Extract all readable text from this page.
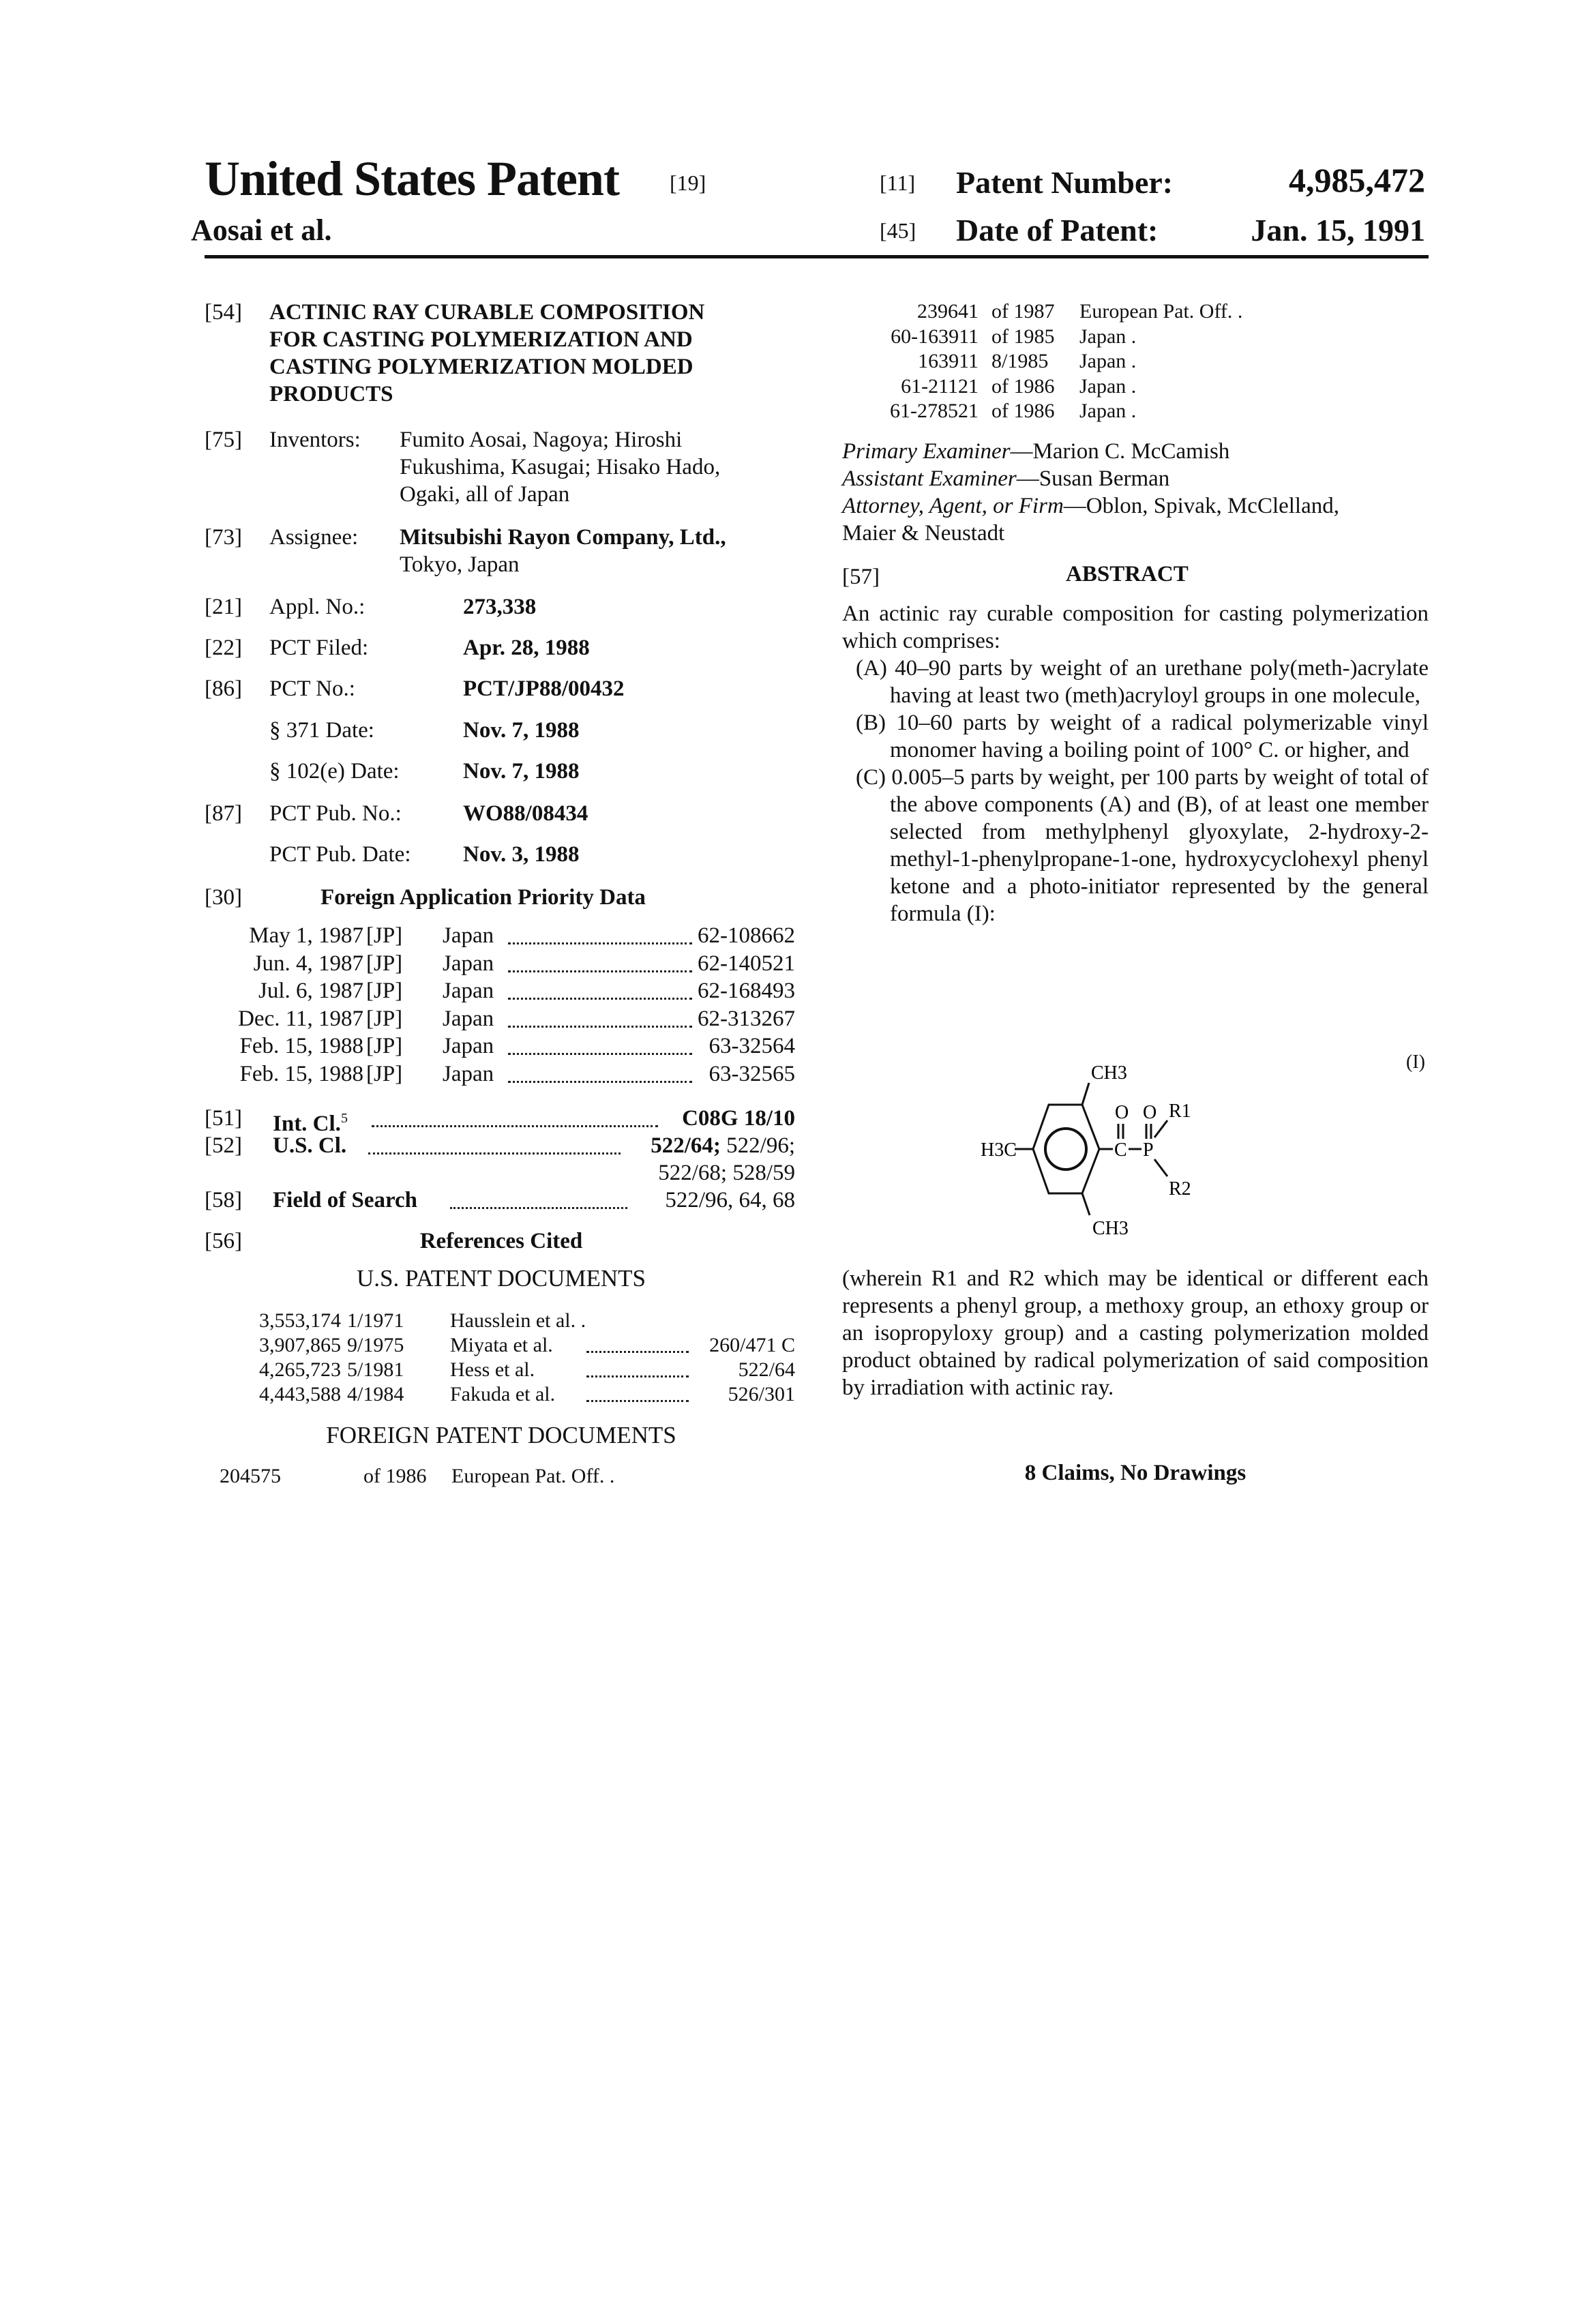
United States Patent [19]
Aosai et al.
[11] Patent Number:	4,985,472
[45] Date of Patent:	Jan. 15, 1991
[54] ACTINIC RAY CURABLE COMPOSITION
FOR CASTING POLYMERIZATION AND
CASTING POLYMERIZATION MOLDED
PRODUCTS
[75] Inventors: Fumito Aosai, Nagoya; Hiroshi
Fukushima, Kasugai; Hisako Hado,
Ogaki, all of Japan
[73] Assignee: Mitsubishi Rayon Company, Ltd.,
Tokyo, Japan
[21] Appl. No.:	273,338
[22] PCT Filed:	Apr. 28, 1988
[86] PCT No.:	PCT/JP88/00432
§ 371 Date:	Nov. 7, 1988
§ 102(e) Date:	Nov. 7, 1988
[87] PCT Pub. No.:	WO88/08434
PCT Pub. Date: Nov. 3, 1988
[30]	Foreign Application Priority Data
May 1, 1987 [JP] Japan	62-108662
Jun. 4, 1987 [JP] Japan	62-140521
Jul. 6, 1987 [JP] Japan	62-168493
Dec. 11, 1987 [JP] Japan	62-313267
Feb. 15, 1988 [JP] Japan	63-32564
Feb. 15, 1988 [JP] Japan	63-32565
[51] Int. Cl.5	C08G 18/10
[52] U.S. Cl.	522/64; 522/96;
522/68; 528/59
[58] Field of Search	522/96, 64, 68
[56]	References Cited
U.S. PATENT DOCUMENTS
3,553,174 1/1971 Hausslein et al. .
3,907,865 9/1975 Miyata et al.	260/471 C
4,265,723 5/1981 Hess et al.	522/64
4,443,588 4/1984 Fakuda et al.	526/301
FOREIGN PATENT DOCUMENTS
204575	of 1986 European Pat. Off. .
239641 of 1987 European Pat. Off. .
60-163911 of 1985 Japan .
163911 8/1985 Japan .
61-21121 of 1986 Japan .
61-278521 of 1986 Japan .
Primary Examiner—Marion C. McCamish
Assistant Examiner—Susan Berman
Attorney, Agent, or Firm—Oblon, Spivak, McClelland,
Maier & Neustadt
[57]	ABSTRACT
An actinic ray curable composition for casting polymerization which comprises:
(A) 40–90 parts by weight of an urethane poly(meth-)acrylate having at least two (meth)acryloyl groups in one molecule,
(B) 10–60 parts by weight of a radical polymerizable vinyl monomer having a boiling point of 100° C. or higher, and
(C) 0.005–5 parts by weight, per 100 parts by weight of total of the above components (A) and (B), of at least one member selected from methylphenyl glyoxylate, 2-hydroxy-2-methyl-1-phenylpropane-1-one, hydroxycyclohexyl phenyl ketone and a photo-initiator represented by the general formula (I):
(I)
CH3
CH3
H3C	C P
O O R1
R2
(wherein R1 and R2 which may be identical or different each represents a phenyl group, a methoxy group, an ethoxy group or an isopropyloxy group) and a casting polymerization molded product obtained by radical polymerization of said composition by irradiation with actinic ray.
8 Claims, No Drawings
